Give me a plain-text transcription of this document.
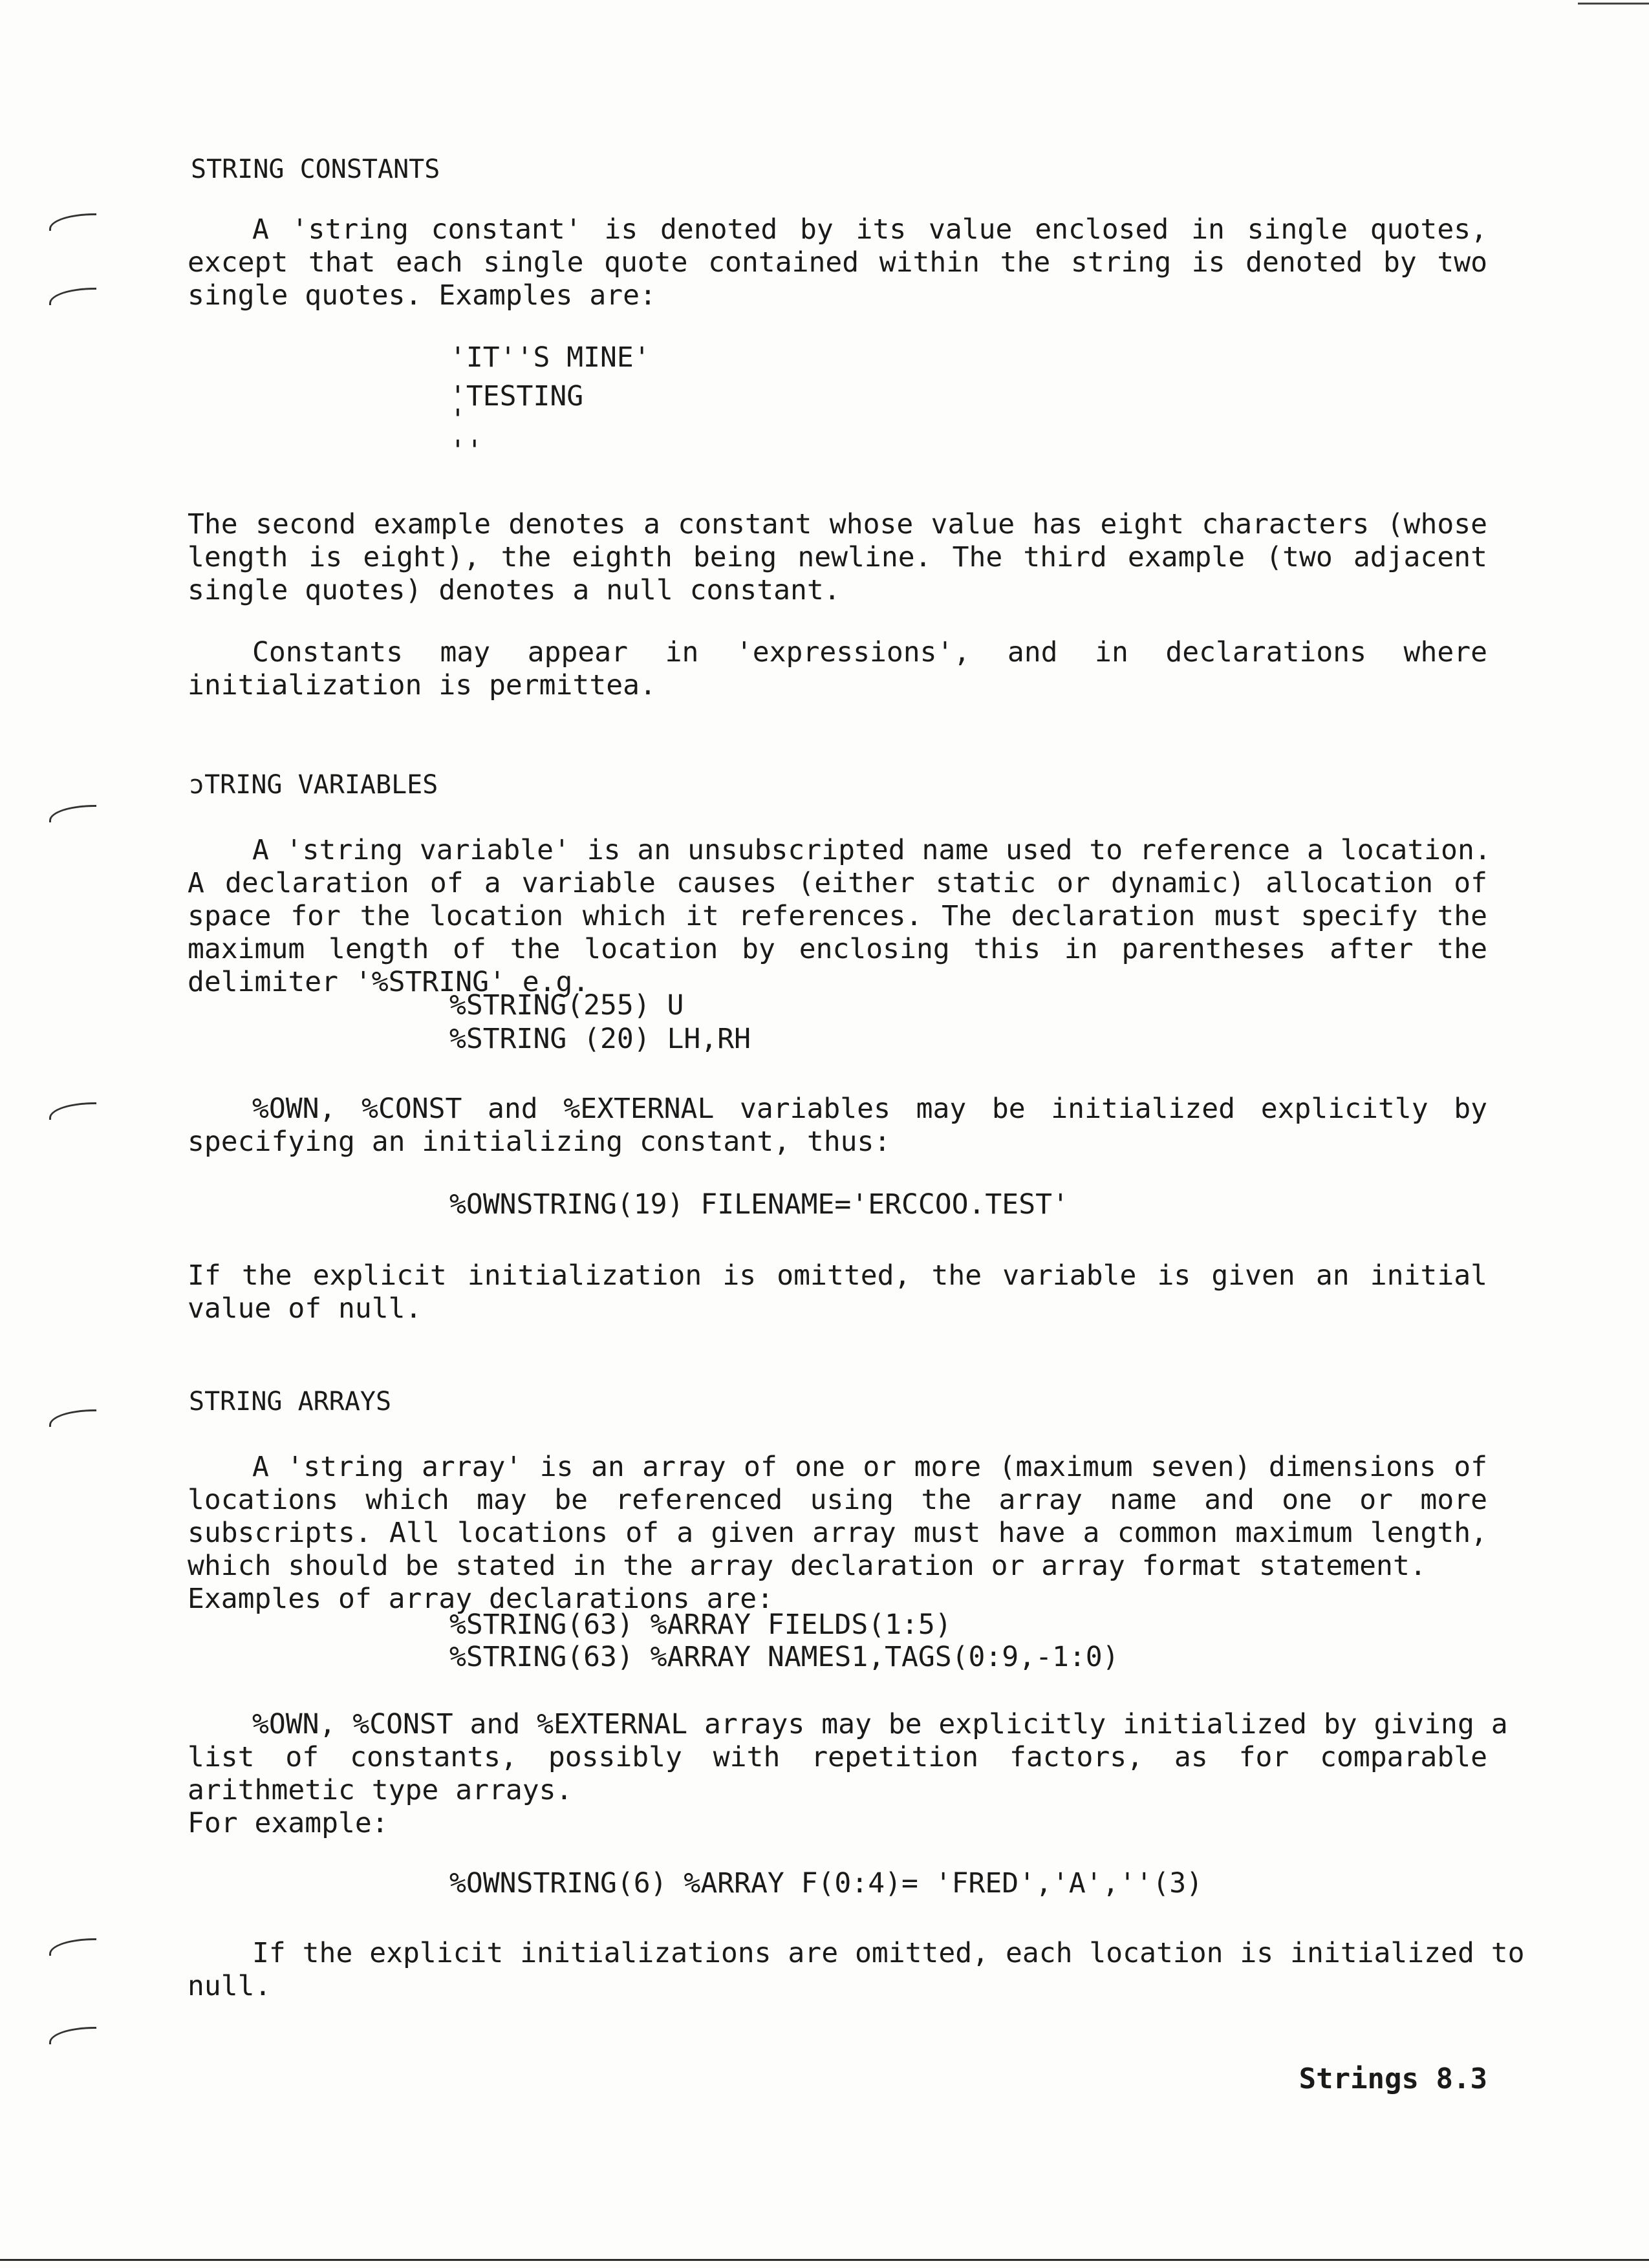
STRING CONSTANTS
A 'string constant' is denoted by its value enclosed in single quotes,
except that each single quote contained within the string is denoted by two
single quotes. Examples are:
'IT''S MINE'
'TESTING
'
''
The second example denotes a constant whose value has eight characters (whose
length is eight), the eighth being newline. The third example (two adjacent
single quotes) denotes a null constant.
Constants may appear in 'expressions', and in declarations where
initialization is permittea.
ͻTRING VARIABLES
A 'string variable' is an unsubscripted name used to reference a location.
A declaration of a variable causes (either static or dynamic) allocation of
space for the location which it references. The declaration must specify the
maximum length of the location by enclosing this in parentheses after the
delimiter '%STRING' e.g.
%STRING(255) U
%STRING (20) LH,RH
%OWN, %CONST and %EXTERNAL variables may be initialized explicitly by
specifying an initializing constant, thus:
%OWNSTRING(19) FILENAME='ERCCOO.TEST'
If the explicit initialization is omitted, the variable is given an initial
value of null.
STRING ARRAYS
A 'string array' is an array of one or more (maximum seven) dimensions of
locations which may be referenced using the array name and one or more
subscripts. All locations of a given array must have a common maximum length,
which should be stated in the array declaration or array format statement.
Examples of array declarations are:
%STRING(63) %ARRAY FIELDS(1:5)
%STRING(63) %ARRAY NAMES1,TAGS(0:9,-1:0)
%OWN, %CONST and %EXTERNAL arrays may be explicitly initialized by giving a
list of constants, possibly with repetition factors, as for comparable
arithmetic type arrays.
For example:
%OWNSTRING(6) %ARRAY F(0:4)= 'FRED','A',''(3)
If the explicit initializations are omitted, each location is initialized to
null.
Strings 8.3
